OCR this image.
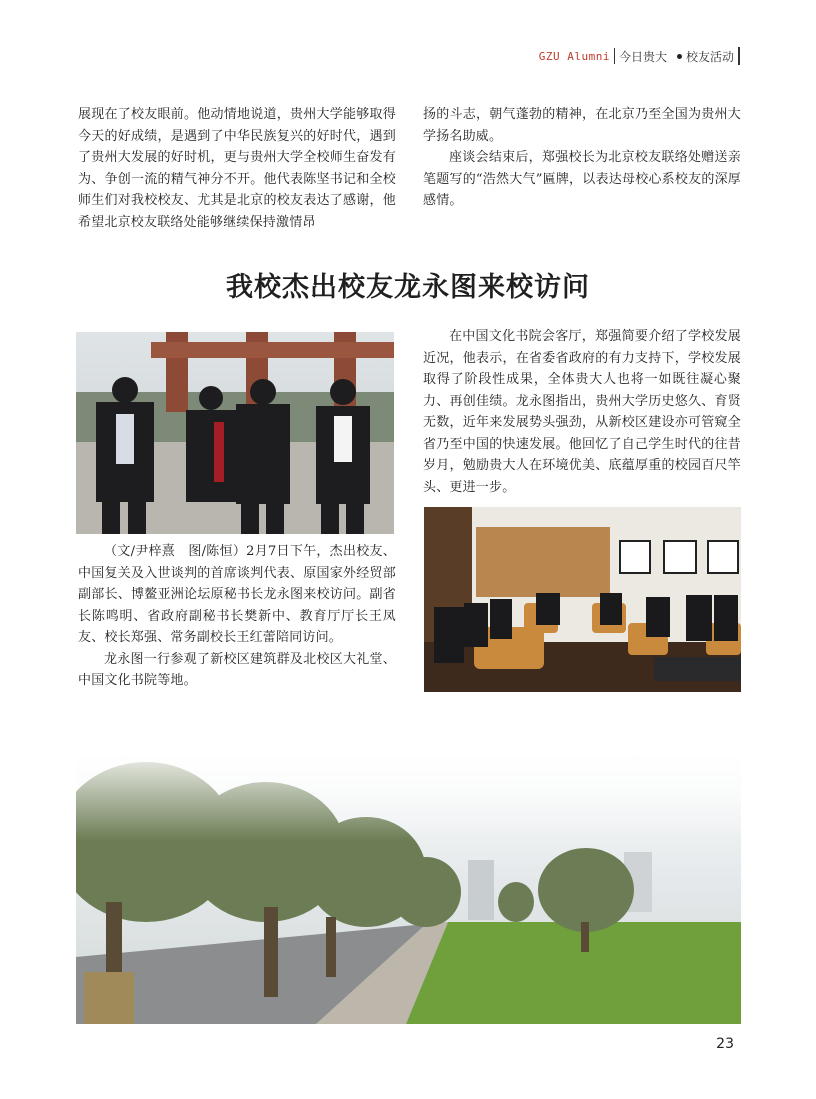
GZU Alumni 今日贵大 校友活动

展现在了校友眼前。他动情地说道，贵州大学能够取得今天的好成绩，是遇到了中华民族复兴的好时代，遇到了贵州大发展的好时机，更与贵州大学全校师生奋发有为、争创一流的精气神分不开。他代表陈坚书记和全校师生们对我校校友、尤其是北京的校友表达了感谢，他希望北京校友联络处能够继续保持激情昂

扬的斗志，朝气蓬勃的精神，在北京乃至全国为贵州大学扬名助威。

座谈会结束后，郑强校长为北京校友联络处赠送亲笔题写的“浩然大气”匾牌，以表达母校心系校友的深厚感情。

我校杰出校友龙永图来校访问

在中国文化书院会客厅，郑强简要介绍了学校发展近况，他表示，在省委省政府的有力支持下，学校发展取得了阶段性成果，全体贵大人也将一如既往凝心聚力、再创佳绩。龙永图指出，贵州大学历史悠久、育贤无数，近年来发展势头强劲，从新校区建设亦可管窥全省乃至中国的快速发展。他回忆了自己学生时代的往昔岁月，勉励贵大人在环境优美、底蕴厚重的校园百尺竿头、更进一步。

（文/尹梓熹　图/陈恒）2月7日下午，杰出校友、中国复关及入世谈判的首席谈判代表、原国家外经贸部副部长、博鳌亚洲论坛原秘书长龙永图来校访问。副省长陈鸣明、省政府副秘书长樊新中、教育厅厅长王凤友、校长郑强、常务副校长王红蕾陪同访问。

龙永图一行参观了新校区建筑群及北校区大礼堂、中国文化书院等地。

23
